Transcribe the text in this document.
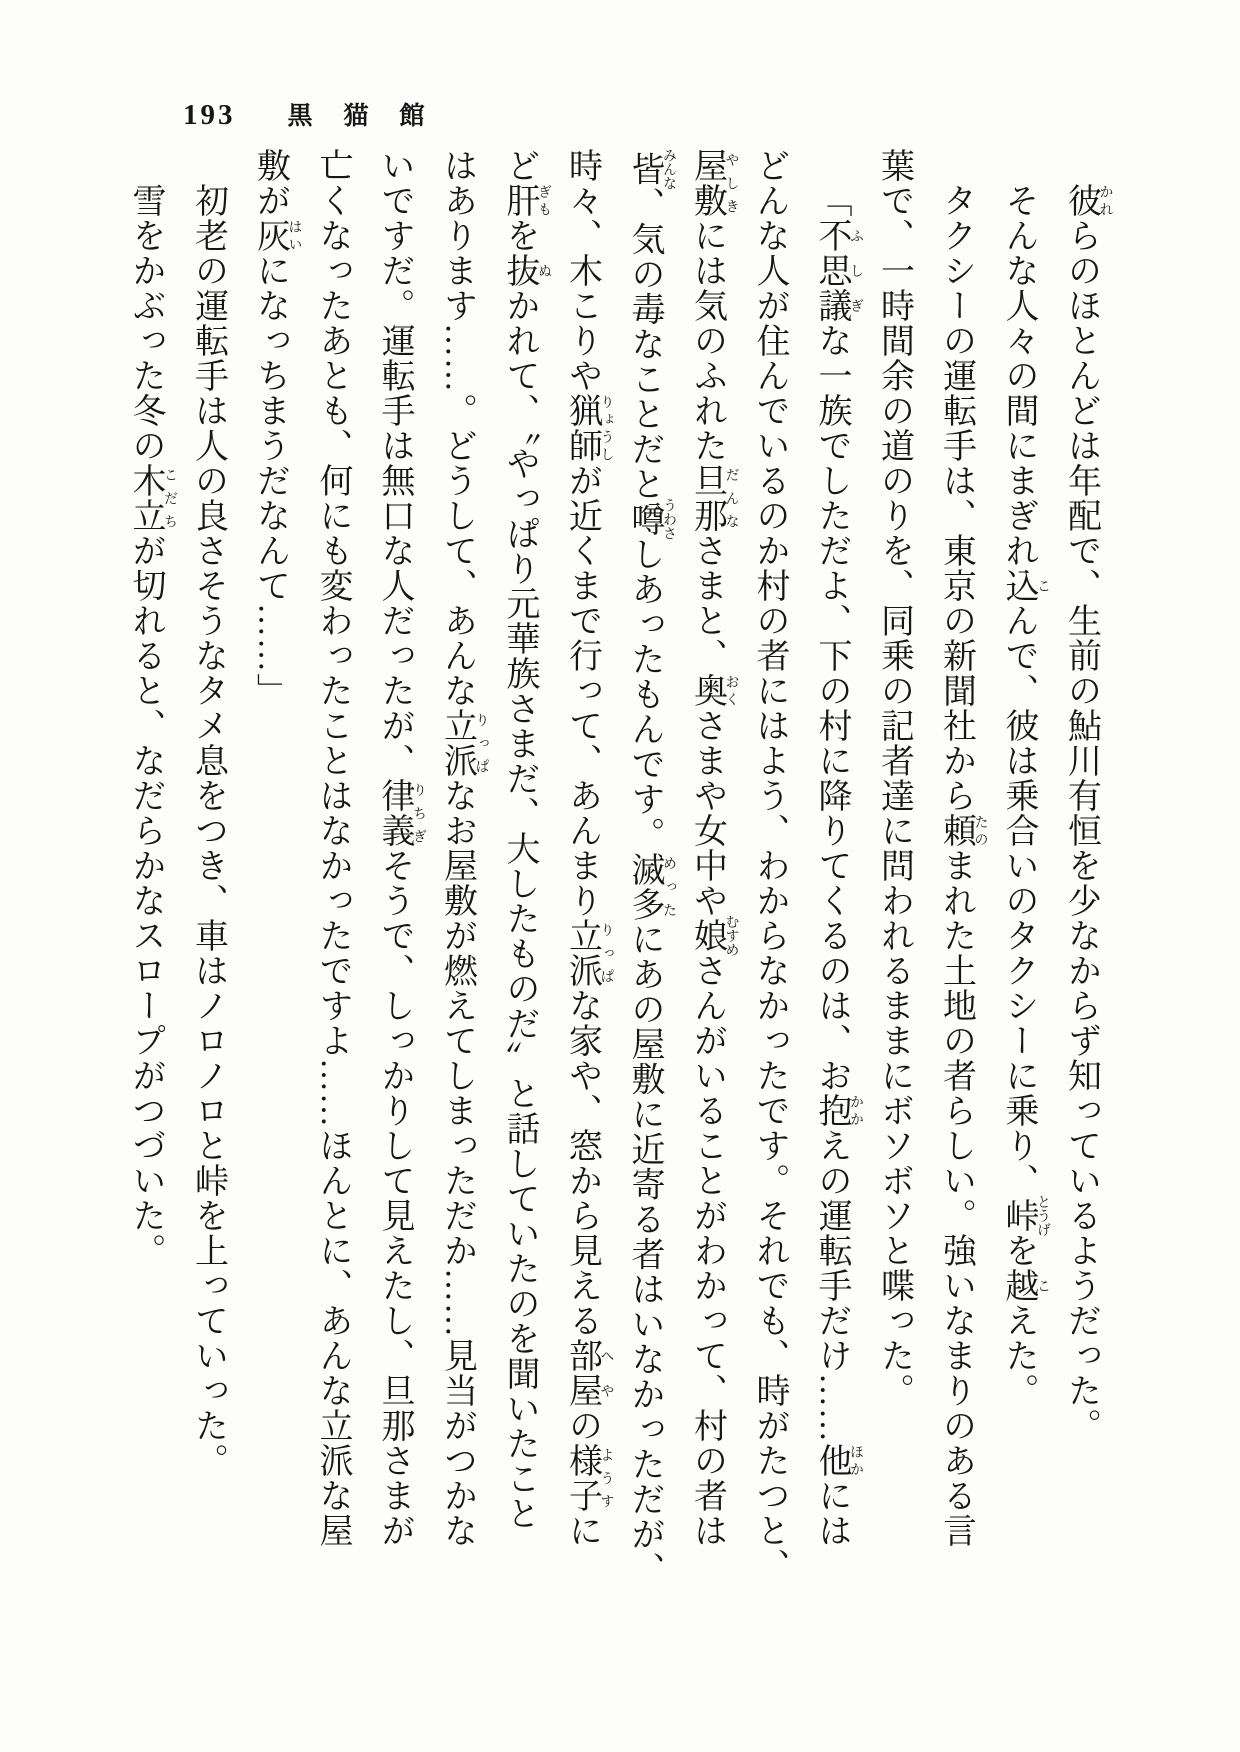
193 黒猫館
彼かれらのほとんどは年配で、生前の鮎川有恒を少なからず知っているようだった。
そんな人々の間にまぎれ込こんで、彼は乗合いのタクシーに乗り、峠とうげを越こえた。
タクシーの運転手は、東京の新聞社から頼たのまれた土地の者らしい。強いなまりのある言
葉で、一時間余の道のりを、同乗の記者達に問われるままにボソボソと喋った。
「不思議ふしぎな一族でしただよ、下の村に降りてくるのは、お抱かかえの運転手だけ……他ほかには
どんな人が住んでいるのか村の者にはよう、わからなかったです。それでも、時がたつと、
屋敷やしきには気のふれた旦那だんなさまと、奥おくさまや女中や娘むすめさんがいることがわかって、村の者は
皆みんな、気の毒なことだと噂うわさしあったもんです。滅多めったにあの屋敷に近寄る者はいなかっただが、
時々、木こりや猟師りょうしが近くまで行って、あんまり立派りっぱな家や、窓から見える部屋へやの様子ようすに
ど肝ぎもを抜ぬかれて、〝やっぱり元華族さまだ、大したものだ〟と話していたのを聞いたこと
はあります……。どうして、あんな立派りっぱなお屋敷が燃えてしまっただか……見当がつかな
いですだ。運転手は無口な人だったが、律義りちぎそうで、しっかりして見えたし、旦那さまが
亡くなったあとも、何にも変わったことはなかったですよ……ほんとに、あんな立派な屋
敷が灰はいになっちまうだなんて……」
初老の運転手は人の良さそうなタメ息をつき、車はノロノロと峠を上っていった。
雪をかぶった冬の木立こだちが切れると、なだらかなスロープがつづいた。
